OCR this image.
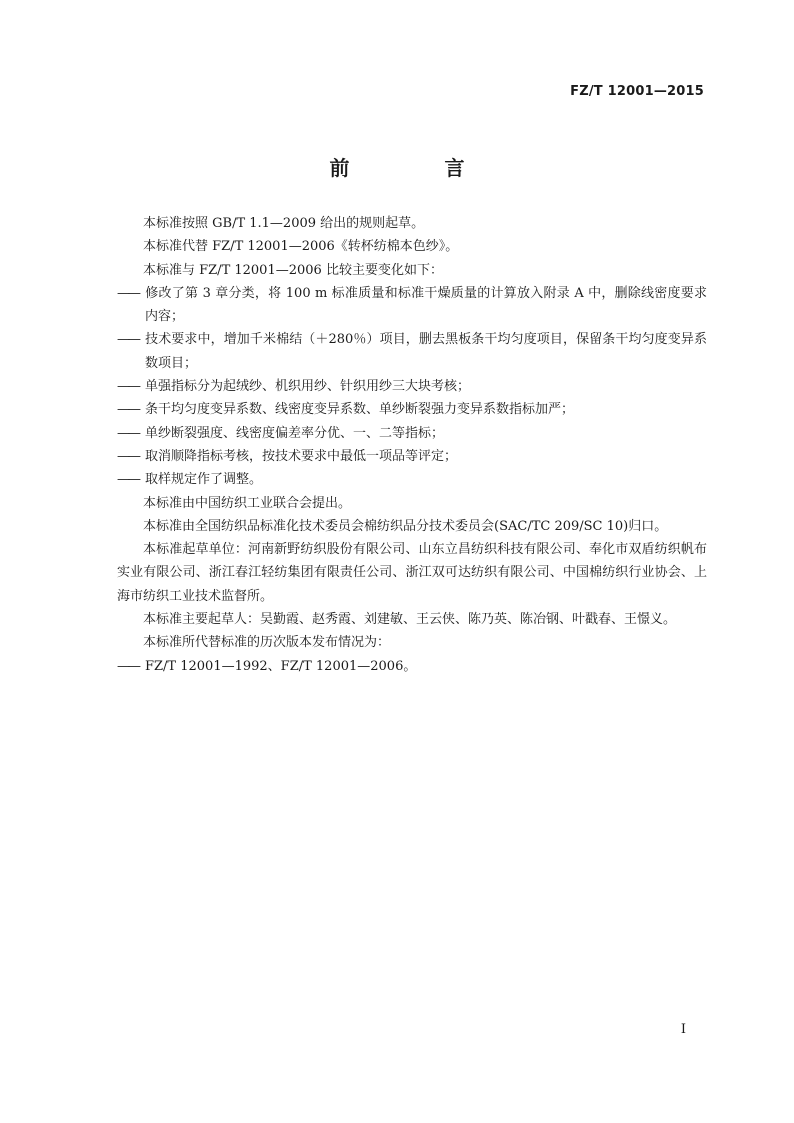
FZ/T 12001—2015
前 言

本标准按照 GB/T 1.1—2009 给出的规则起草。

本标准代替 FZ/T 12001—2006《转杯纺棉本色纱》。

本标准与 FZ/T 12001—2006 比较主要变化如下：

—— 修改了第 3 章分类，将 100 m 标准质量和标准干燥质量的计算放入附录 A 中，删除线密度要求内容；

—— 技术要求中，增加千米棉结（＋280％）项目，删去黑板条干均匀度项目，保留条干均匀度变异系数项目；

—— 单强指标分为起绒纱、机织用纱、针织用纱三大块考核；

—— 条干均匀度变异系数、线密度变异系数、单纱断裂强力变异系数指标加严；

—— 单纱断裂强度、线密度偏差率分优、一、二等指标；

—— 取消顺降指标考核，按技术要求中最低一项品等评定；

—— 取样规定作了调整。

本标准由中国纺织工业联合会提出。

本标准由全国纺织品标准化技术委员会棉纺织品分技术委员会(SAC/TC 209/SC 10)归口。

本标准起草单位：河南新野纺织股份有限公司、山东立昌纺织科技有限公司、奉化市双盾纺织帆布实业有限公司、浙江春江轻纺集团有限责任公司、浙江双可达纺织有限公司、中国棉纺织行业协会、上海市纺织工业技术监督所。

本标准主要起草人：吴勤霞、赵秀霞、刘建敏、王云侠、陈乃英、陈冶钢、叶戳春、王憬义。

本标准所代替标准的历次版本发布情况为：

—— FZ/T 12001—1992、FZ/T 12001—2006。

I
